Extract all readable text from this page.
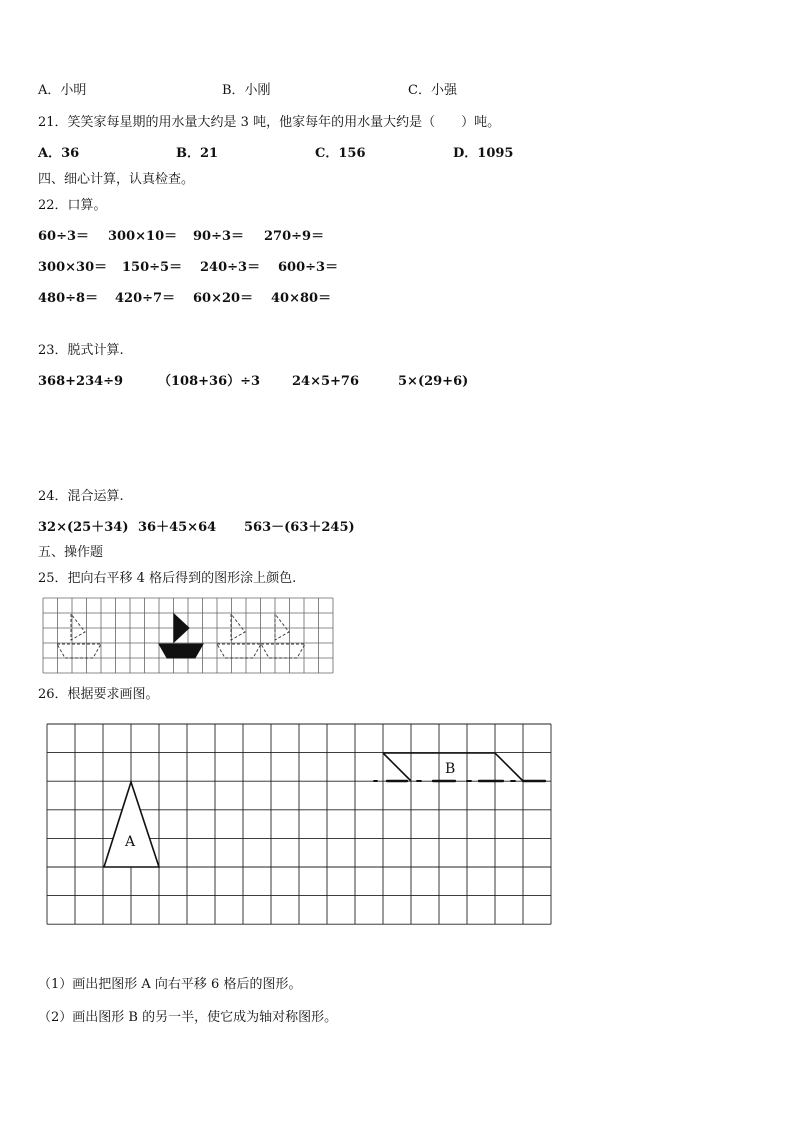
A．小明	B．小刚	C．小强
21．笑笑家每星期的用水量大约是 3 吨，他家每年的用水量大约是（　　）吨。
A．36	B．21	C．156	D．1095
四、细心计算，认真检查。
22．口算。
60÷3＝ 300×10＝ 90÷3＝ 270÷9＝
300×30＝ 150÷5＝ 240÷3＝ 600÷3＝
480÷8＝ 420÷7＝ 60×20＝ 40×80＝
23．脱式计算.
368+234÷9	（108+36）÷3 24×5+76	5×(29+6)
24．混合运算.
32×(25＋34) 36＋45×64 563－(63＋245)
五、操作题
25．把向右平移 4 格后得到的图形涂上颜色.
26．根据要求画图。
A
B
（1）画出把图形 A 向右平移 6 格后的图形。
（2）画出图形 B 的另一半，使它成为轴对称图形。
